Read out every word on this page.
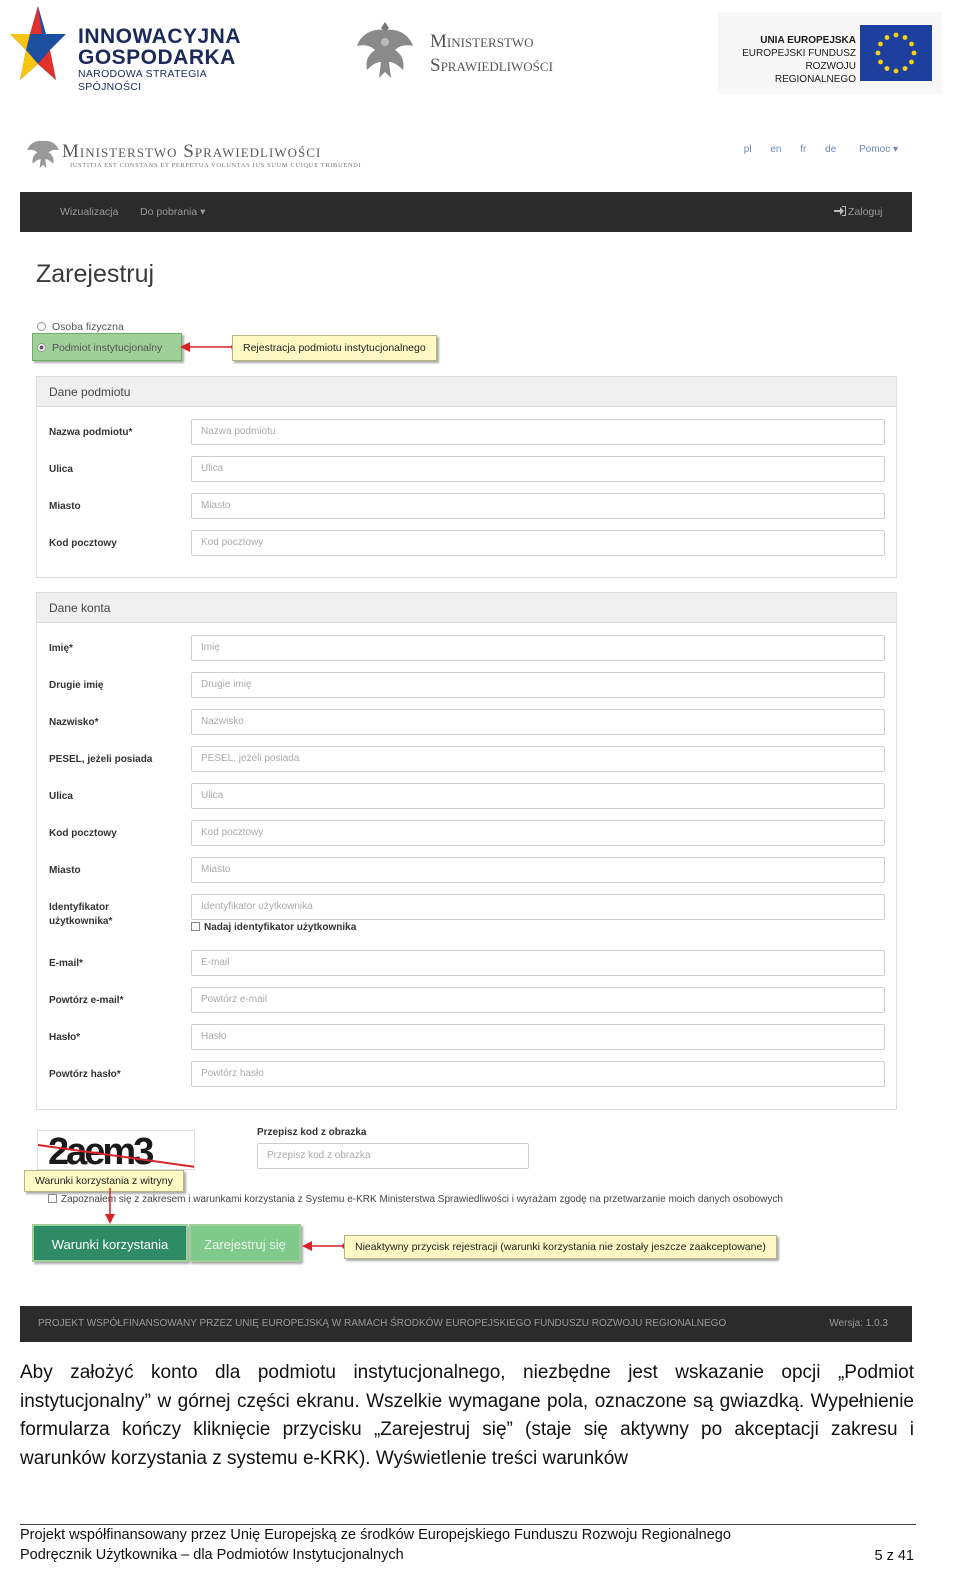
INNOWACYJNA
GOSPODARKA
NARODOWA STRATEGIA SPÓJNOŚCI
Ministerstwo
Sprawiedliwości
UNIA EUROPEJSKA
EUROPEJSKI FUNDUSZ
ROZWOJU REGIONALNEGO
Ministerstwo Sprawiedliwości
IUSTITIA EST CONSTANS ET PERPETUA VOLUNTAS IUS SUUM CUIQUE TRIBUENDI
pl en fr de Pomoc ▾
Wizualizacja Do pobrania ▾	Zaloguj
Zarejestruj
Osoba fizyczna
Podmiot instytucjonalny	Rejestracja podmiotu instytucjonalnego
Dane podmiotu
Nazwa podmiotu*	Nazwa podmiotu
Ulica	Ulica
Miasto	Miasto
Kod pocztowy	Kod pocztowy
Dane konta
Imię*	Imię
Drugie imię	Drugie imię
Nazwisko*	Nazwisko
PESEL, jeżeli posiada	PESEL, jeżeli posiada
Ulica	Ulica
Kod pocztowy	Kod pocztowy
Miasto	Miasto
Identyfikator użytkownika*
Identyfikator użytkownika
Nadaj identyfikator użytkownika
E-mail*	E-mail
Powtórz e-mail*	Powtórz e-mail
Hasło*	Hasło
Powtórz hasło*	Powtórz hasło
2aem3	Przepisz kod z obrazka
Przepisz kod z obrazka
Warunki korzystania z witryny
Zapoznałem się z zakresem i warunkami korzystania z Systemu e-KRK Ministerstwa Sprawiedliwości i wyrażam zgodę na przetwarzanie moich danych osobowych
Warunki korzystania	Zarejestruj się	Nieaktywny przycisk rejestracji (warunki korzystania nie zostały jeszcze zaakceptowane)
PROJEKT WSPÓŁFINANSOWANY PRZEZ UNIĘ EUROPEJSKĄ W RAMACH ŚRODKÓW EUROPEJSKIEGO FUNDUSZU ROZWOJU REGIONALNEGO	Wersja: 1.0.3
Aby założyć konto dla podmiotu instytucjonalnego, niezbędne jest wskazanie opcji „Podmiot instytucjonalny” w górnej części ekranu. Wszelkie wymagane pola, oznaczone są gwiazdką. Wypełnienie formularza kończy kliknięcie przycisku „Zarejestruj się” (staje się aktywny po akceptacji zakresu i warunków korzystania z systemu e-KRK). Wyświetlenie treści warunków
Projekt współfinansowany przez Unię Europejską ze środków Europejskiego Funduszu Rozwoju Regionalnego
Podręcznik Użytkownika – dla Podmiotów Instytucjonalnych	5 z 41
